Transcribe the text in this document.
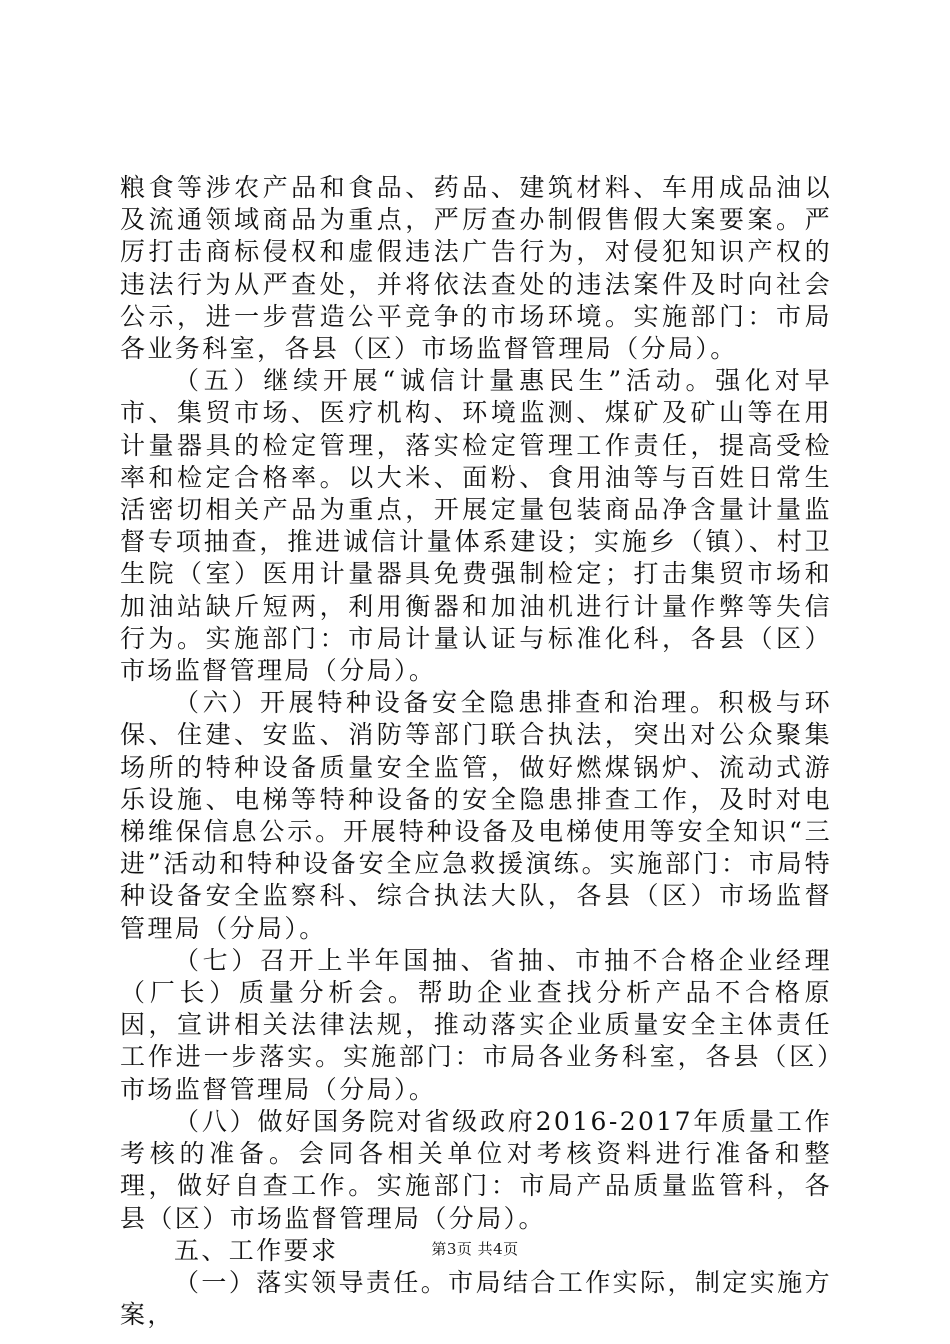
粮食等涉农产品和食品、药品、建筑材料、车用成品油以及流通领域商品为重点，严厉查办制假售假大案要案。严厉打击商标侵权和虚假违法广告行为，对侵犯知识产权的违法行为从严查处，并将依法查处的违法案件及时向社会公示，进一步营造公平竞争的市场环境。实施部门：市局各业务科室，各县（区）市场监督管理局（分局）。

（五）继续开展“诚信计量惠民生”活动。强化对早市、集贸市场、医疗机构、环境监测、煤矿及矿山等在用计量器具的检定管理，落实检定管理工作责任，提高受检率和检定合格率。以大米、面粉、食用油等与百姓日常生活密切相关产品为重点，开展定量包装商品净含量计量监督专项抽查，推进诚信计量体系建设；实施乡（镇）、村卫生院（室）医用计量器具免费强制检定；打击集贸市场和加油站缺斤短两，利用衡器和加油机进行计量作弊等失信行为。实施部门：市局计量认证与标准化科，各县（区）市场监督管理局（分局）。

（六）开展特种设备安全隐患排查和治理。积极与环保、住建、安监、消防等部门联合执法，突出对公众聚集场所的特种设备质量安全监管，做好燃煤锅炉、流动式游乐设施、电梯等特种设备的安全隐患排查工作，及时对电梯维保信息公示。开展特种设备及电梯使用等安全知识“三进”活动和特种设备安全应急救援演练。实施部门：市局特种设备安全监察科、综合执法大队，各县（区）市场监督管理局（分局）。

（七）召开上半年国抽、省抽、市抽不合格企业经理（厂长）质量分析会。帮助企业查找分析产品不合格原因，宣讲相关法律法规，推动落实企业质量安全主体责任工作进一步落实。实施部门：市局各业务科室，各县（区）市场监督管理局（分局）。

（八）做好国务院对省级政府2016-2017年质量工作考核的准备。会同各相关单位对考核资料进行准备和整理，做好自查工作。实施部门：市局产品质量监管科，各县（区）市场监督管理局（分局）。

五、工作要求

（一）落实领导责任。市局结合工作实际，制定实施方案，

第3页 共4页
